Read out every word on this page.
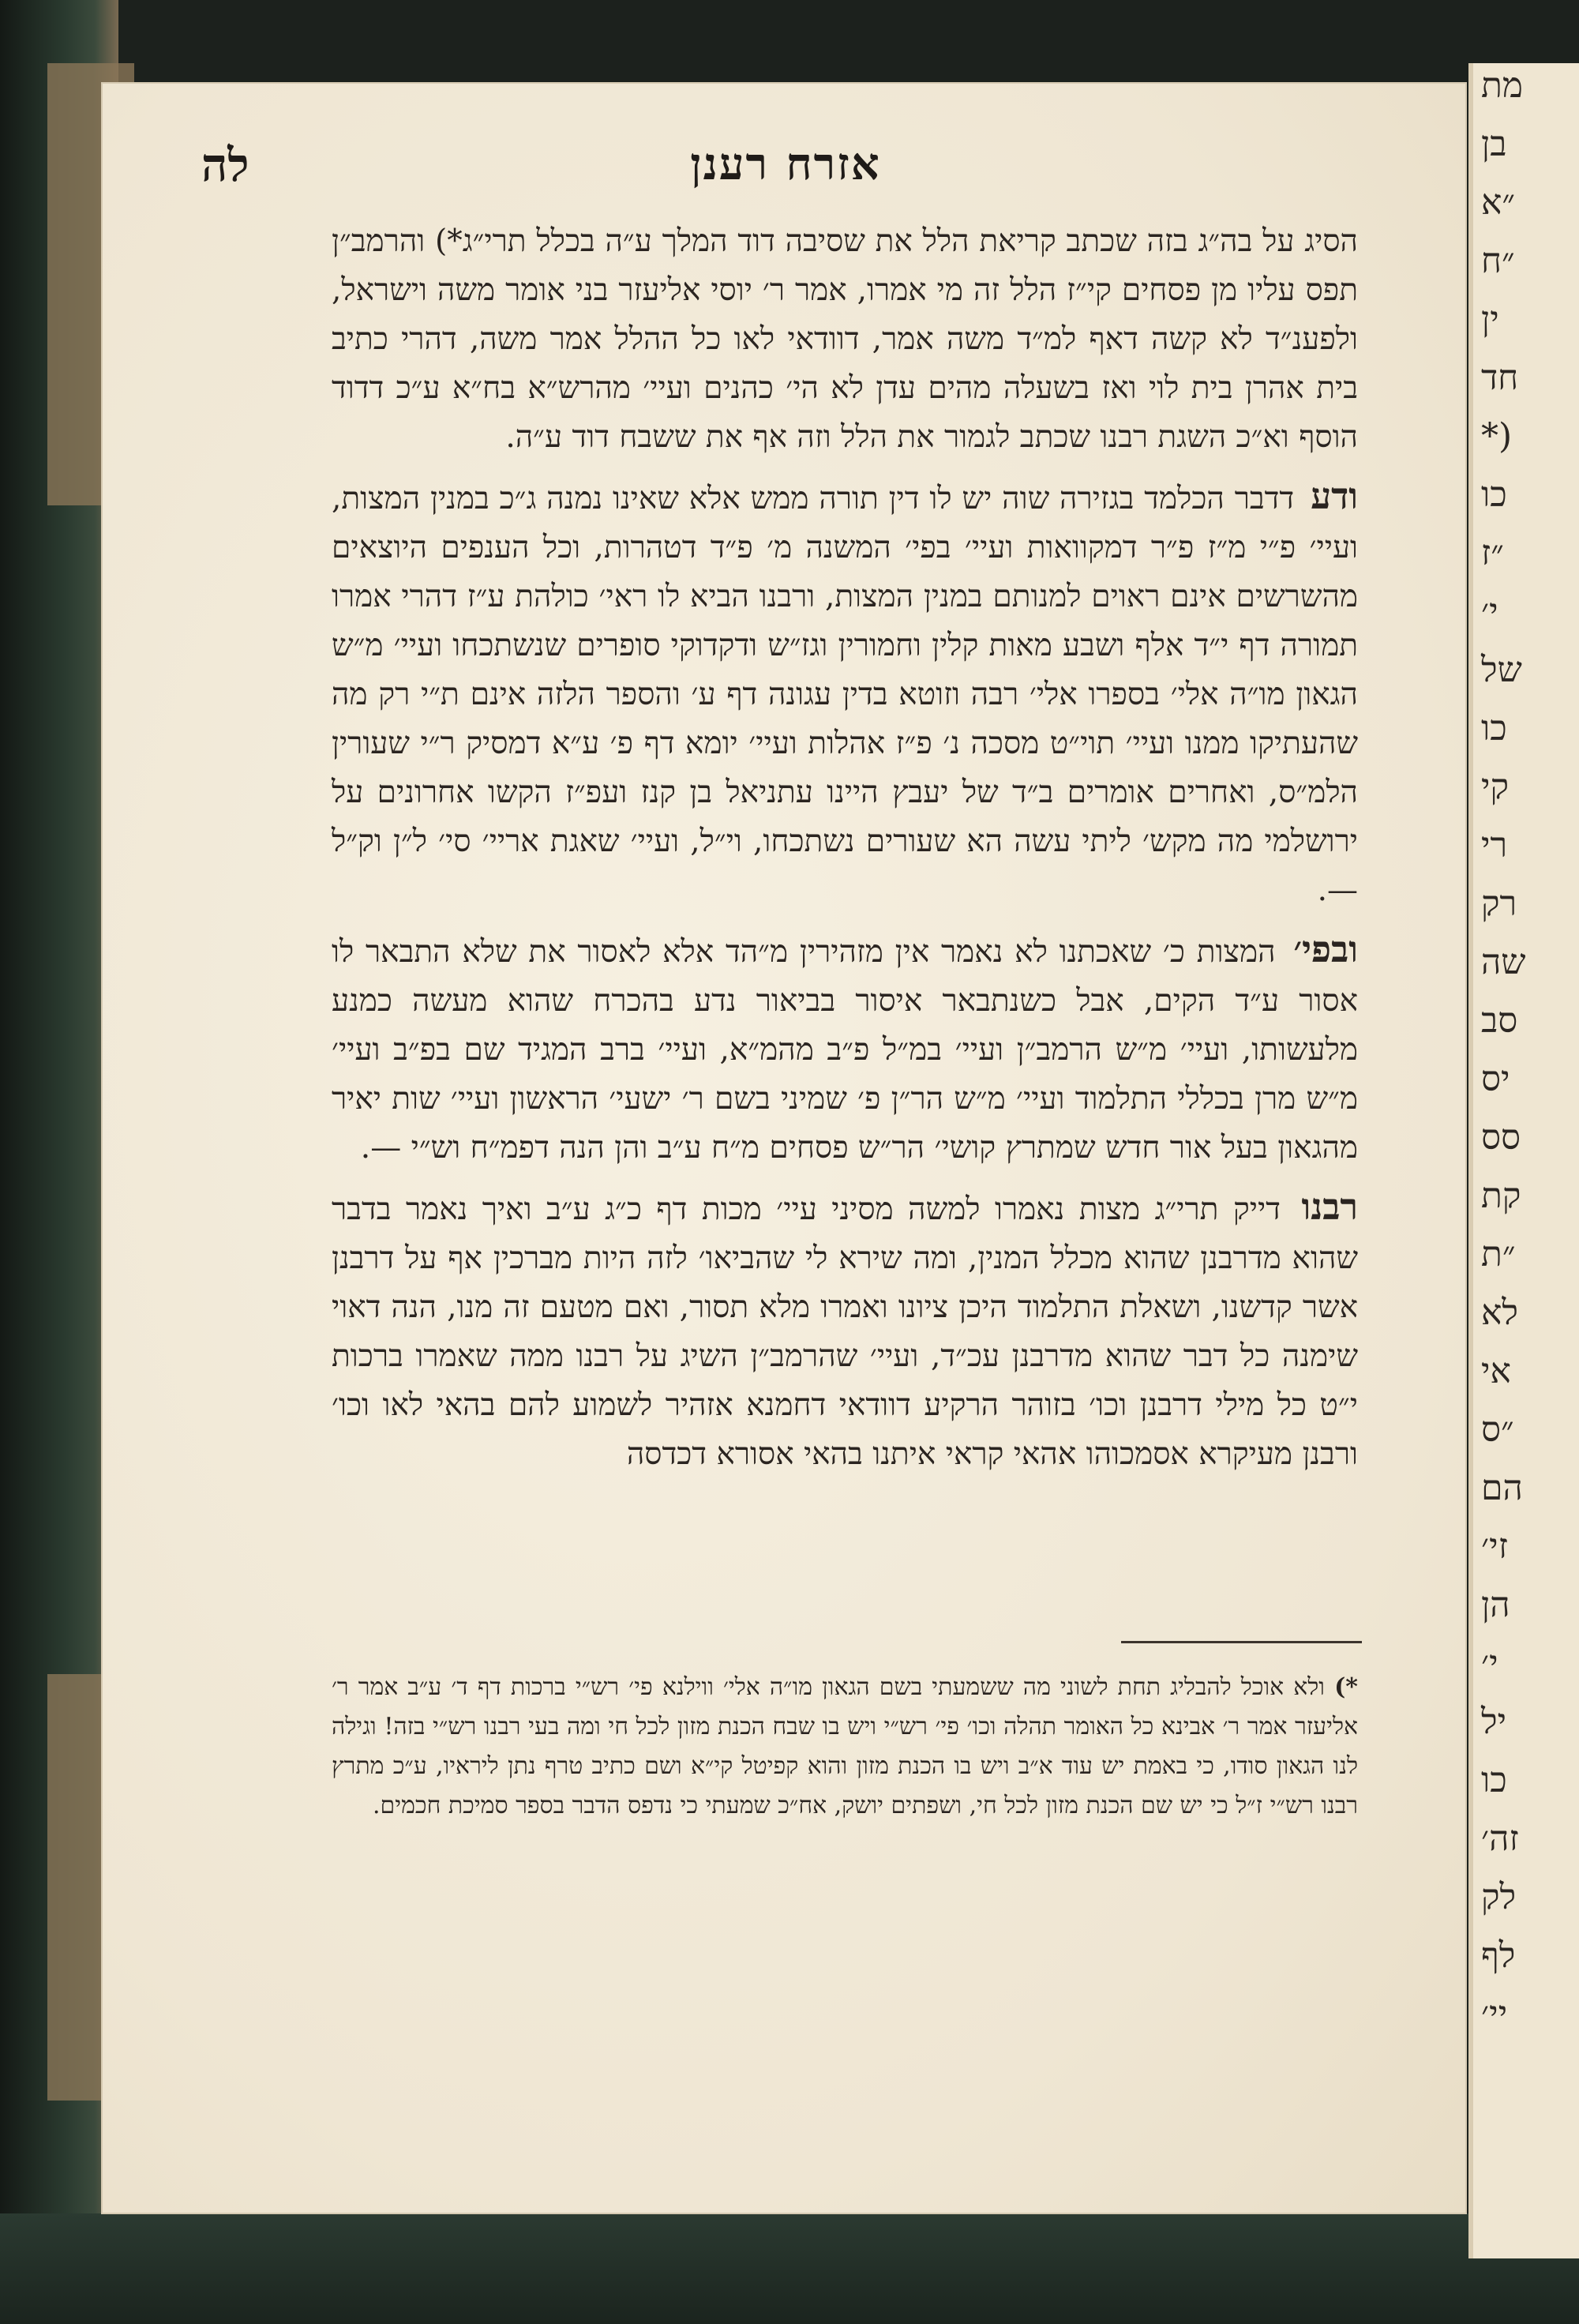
מת
בן
״א
״ח
ין
חד
*)
כו
״ז
י׳
של
כו
קי
רי
רק
שה
סב
יס
סס
קת
״ת
לא
אי
״ס
הם
זי׳
הן
י׳
יל
כו
זה׳
לק
לף
יי׳
אזרח רענן
לה

הסיג על בה״ג בזה שכתב קריאת הלל את שסיבה דוד המלך ע״ה בכלל תרי״ג*) והרמב״ן תפס עליו מן פסחים קי״ז הלל זה מי אמרו, אמר ר׳ יוסי אליעזר בני אומר משה וישראל, ולפענ״ד לא קשה דאף למ״ד משה אמר, דוודאי לאו כל ההלל אמר משה, דהרי כתיב בית אהרן בית לוי ואז בשעלה מהים עדן לא הי׳ כהנים ועיי׳ מהרש״א בח״א ע״כ דדוד הוסף וא״כ השגת רבנו שכתב לגמור את הלל וזה אף את ששבח דוד ע״ה.

ודע דדבר הכלמד בגזירה שוה יש לו דין תורה ממש אלא שאינו נמנה ג״כ במנין המצות, ועיי׳ פ״י מ״ז פ״ר דמקוואות ועיי׳ בפי׳ המשנה מ׳ פ״ד דטהרות, וכל הענפים היוצאים מהשרשים אינם ראוים למנותם במנין המצות, ורבנו הביא לו ראי׳ כולהת ע״ז דהרי אמרו תמורה דף י״ד אלף ושבע מאות קלין וחמורין וגז״ש ודקדוקי סופרים שנשתכחו ועיי׳ מ״ש הגאון מו״ה אלי׳ בספרו אלי׳ רבה וזוטא בדין עגונה דף ע׳ והספר הלזה אינם ת״י רק מה שהעתיקו ממנו ועיי׳ תוי״ט מסכה נ׳ פ״ז אהלות ועיי׳ יומא דף פ׳ ע״א דמסיק ר״י שעורין הלמ״ס, ואחרים אומרים ב״ד של יעבץ היינו עתניאל בן קנז ועפ״ז הקשו אחרונים על ירושלמי מה מקש׳ ליתי עשה הא שעורים נשתכחו, וי״ל, ועיי׳ שאגת אריי׳ סי׳ ל״ן וק״ל —.

ובפי׳ המצות כ׳ שאכתנו לא נאמר אין מזהירין מ״הד אלא לאסור את שלא התבאר לו אסור ע״ד הקים, אבל כשנתבאר איסור בביאור נדע בהכרח שהוא מעשה כמנע מלעשותו, ועיי׳ מ״ש הרמב״ן ועיי׳ במ״ל פ״ב מהמ״א, ועיי׳ ברב המגיד שם בפ״ב ועיי׳ מ״ש מרן בכללי התלמוד ועיי׳ מ״ש הר״ן פ׳ שמיני בשם ר׳ ישעי׳ הראשון ועיי׳ שות יאיר מהגאון בעל אור חדש שמתרץ קושי׳ הר״ש פסחים מ״ח ע״ב והן הנה דפמ״ח וש״י —.

רבנו דייק תרי״ג מצות נאמרו למשה מסיני עיי׳ מכות דף כ״ג ע״ב ואיך נאמר בדבר שהוא מדרבנן שהוא מכלל המנין, ומה שירא לי שהביאו׳ לזה היות מברכין אף על דרבנן אשר קדשנו, ושאלת התלמוד היכן ציונו ואמרו מלא תסור, ואם מטעם זה מנו, הנה דאוי שימנה כל דבר שהוא מדרבנן עכ״ד, ועיי׳ שהרמב״ן השיג על רבנו ממה שאמרו ברכות י״ט כל מילי דרבנן וכו׳ בזוהר הרקיע דוודאי דחמנא אזהיר לשמוע להם בהאי לאו וכו׳ ורבנן מעיקרא אסמכוהו אהאי קראי איתנו בהאי אסורא דכדסה

*) ולא אוכל להבליג תחת לשוני מה ששמעתי בשם הגאון מו״ה אלי׳ ווילנא פי׳ רש״י ברכות דף ד׳ ע״ב אמר ר׳ אליעזר אמר ר׳ אבינא כל האומר תהלה וכו׳ פי׳ רש״י ויש בו שבח הכנת מזון לכל חי ומה בעי רבנו רש״י בזה! וגילה לנו הגאון סודו, כי באמת יש עוד א״ב ויש בו הכנת מזון והוא קפיטל קי״א ושם כתיב טרף נתן ליראיו, ע״כ מתרץ רבנו רש״י ז״ל כי יש שם הכנת מזון לכל חי, ושפתים יושק, אח״כ שמעתי כי נדפס הדבר בספר סמיכת חכמים.
